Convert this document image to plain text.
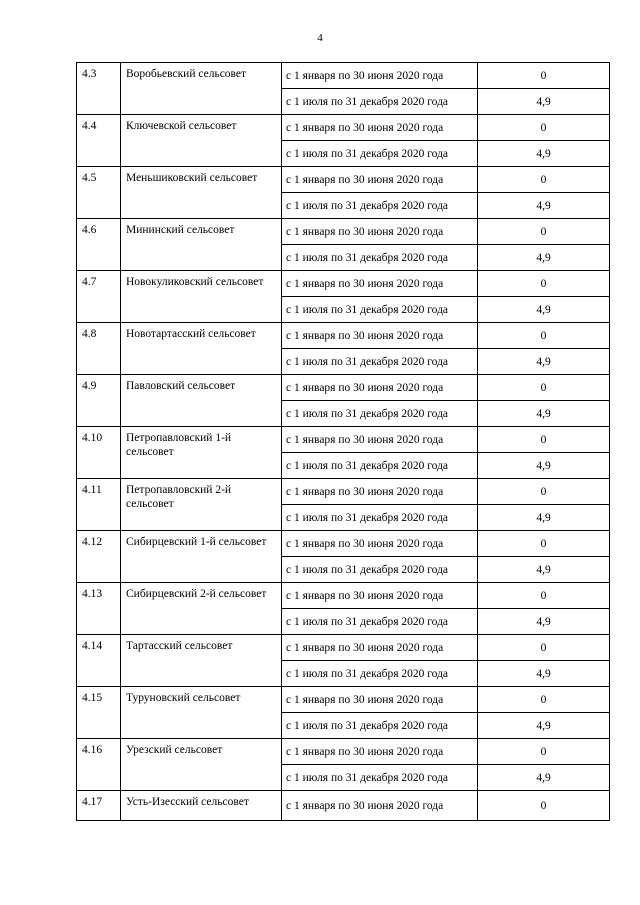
4
4.3	Воробьевский сельсовет	с 1 января по 30 июня 2020 года	0
		с 1 июля по 31 декабря 2020 года	4,9
4.4	Ключевской сельсовет	с 1 января по 30 июня 2020 года	0
		с 1 июля по 31 декабря 2020 года	4,9
4.5	Меньшиковский сельсовет	с 1 января по 30 июня 2020 года	0
		с 1 июля по 31 декабря 2020 года	4,9
4.6	Мининский сельсовет	с 1 января по 30 июня 2020 года	0
		с 1 июля по 31 декабря 2020 года	4,9
4.7	Новокуликовский сельсовет	с 1 января по 30 июня 2020 года	0
		с 1 июля по 31 декабря 2020 года	4,9
4.8	Новотартасский сельсовет	с 1 января по 30 июня 2020 года	0
		с 1 июля по 31 декабря 2020 года	4,9
4.9	Павловский сельсовет	с 1 января по 30 июня 2020 года	0
		с 1 июля по 31 декабря 2020 года	4,9
4.10	Петропавловский 1-й сельсовет	с 1 января по 30 июня 2020 года	0
		с 1 июля по 31 декабря 2020 года	4,9
4.11	Петропавловский 2-й сельсовет	с 1 января по 30 июня 2020 года	0
		с 1 июля по 31 декабря 2020 года	4,9
4.12	Сибирцевский 1-й сельсовет	с 1 января по 30 июня 2020 года	0
		с 1 июля по 31 декабря 2020 года	4,9
4.13	Сибирцевский 2-й сельсовет	с 1 января по 30 июня 2020 года	0
		с 1 июля по 31 декабря 2020 года	4,9
4.14	Тартасский сельсовет	с 1 января по 30 июня 2020 года	0
		с 1 июля по 31 декабря 2020 года	4,9
4.15	Туруновский сельсовет	с 1 января по 30 июня 2020 года	0
		с 1 июля по 31 декабря 2020 года	4,9
4.16	Урезский сельсовет	с 1 января по 30 июня 2020 года	0
		с 1 июля по 31 декабря 2020 года	4,9
4.17	Усть-Изесский сельсовет	с 1 января по 30 июня 2020 года	0
